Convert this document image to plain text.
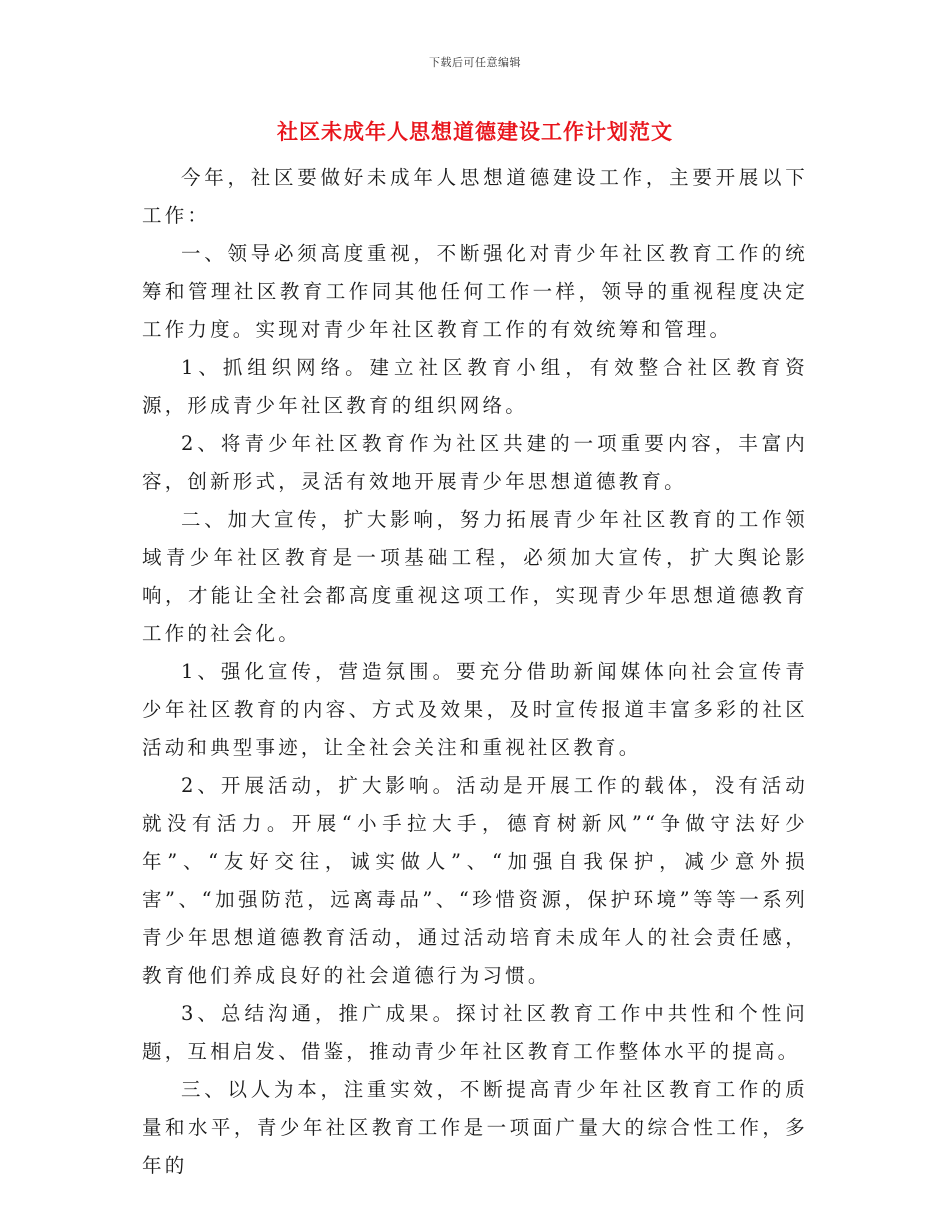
下载后可任意编辑
社区未成年人思想道德建设工作计划范文

今年，社区要做好未成年人思想道德建设工作，主要开展以下工作：

一、领导必须高度重视，不断强化对青少年社区教育工作的统筹和管理社区教育工作同其他任何工作一样，领导的重视程度决定工作力度。实现对青少年社区教育工作的有效统筹和管理。

1、抓组织网络。建立社区教育小组，有效整合社区教育资源，形成青少年社区教育的组织网络。

2、将青少年社区教育作为社区共建的一项重要内容，丰富内容，创新形式，灵活有效地开展青少年思想道德教育。

二、加大宣传，扩大影响，努力拓展青少年社区教育的工作领域青少年社区教育是一项基础工程，必须加大宣传，扩大舆论影响，才能让全社会都高度重视这项工作，实现青少年思想道德教育工作的社会化。

1、强化宣传，营造氛围。要充分借助新闻媒体向社会宣传青少年社区教育的内容、方式及效果，及时宣传报道丰富多彩的社区活动和典型事迹，让全社会关注和重视社区教育。

2、开展活动，扩大影响。活动是开展工作的载体，没有活动就没有活力。开展“小手拉大手，德育树新风”“争做守法好少年”、“友好交往，诚实做人”、“加强自我保护，减少意外损害”、“加强防范，远离毒品”、“珍惜资源，保护环境”等等一系列青少年思想道德教育活动，通过活动培育未成年人的社会责任感，教育他们养成良好的社会道德行为习惯。

3、总结沟通，推广成果。探讨社区教育工作中共性和个性问题，互相启发、借鉴，推动青少年社区教育工作整体水平的提高。

三、以人为本，注重实效，不断提高青少年社区教育工作的质量和水平，青少年社区教育工作是一项面广量大的综合性工作，多年的
